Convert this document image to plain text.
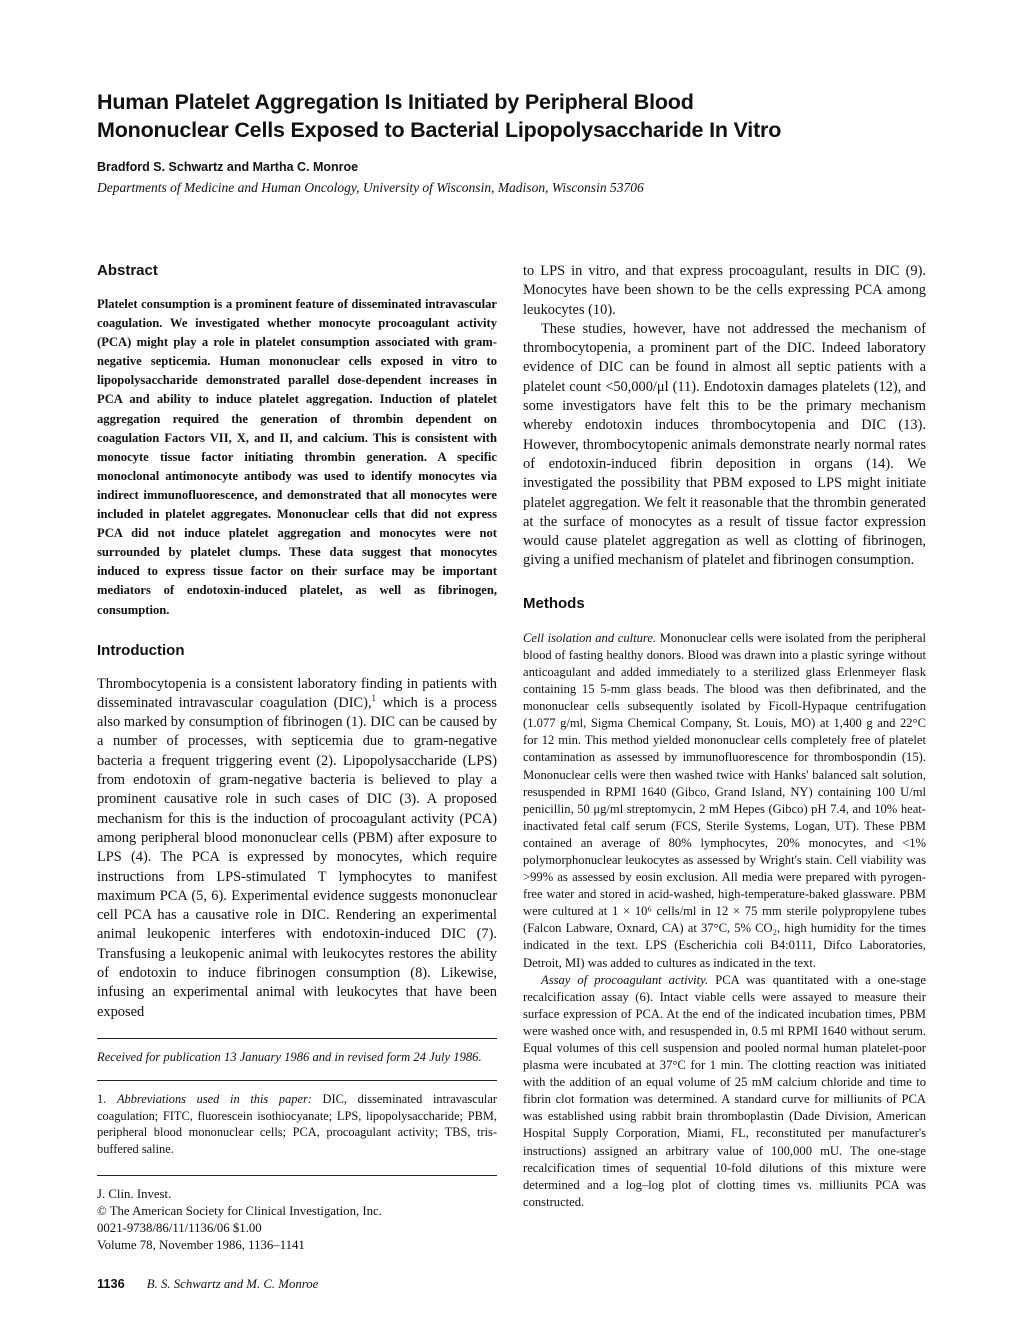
Human Platelet Aggregation Is Initiated by Peripheral Blood
Mononuclear Cells Exposed to Bacterial Lipopolysaccharide In Vitro
Bradford S. Schwartz and Martha C. Monroe
Departments of Medicine and Human Oncology, University of Wisconsin, Madison, Wisconsin 53706
Abstract

Platelet consumption is a prominent feature of disseminated intravascular coagulation. We investigated whether monocyte procoagulant activity (PCA) might play a role in platelet consumption associated with gram-negative septicemia. Human mononuclear cells exposed in vitro to lipopolysaccharide demonstrated parallel dose-dependent increases in PCA and ability to induce platelet aggregation. Induction of platelet aggregation required the generation of thrombin dependent on coagulation Factors VII, X, and II, and calcium. This is consistent with monocyte tissue factor initiating thrombin generation. A specific monoclonal antimonocyte antibody was used to identify monocytes via indirect immunofluorescence, and demonstrated that all monocytes were included in platelet aggregates. Mononuclear cells that did not express PCA did not induce platelet aggregation and monocytes were not surrounded by platelet clumps. These data suggest that monocytes induced to express tissue factor on their surface may be important mediators of endotoxin-induced platelet, as well as fibrinogen, consumption.

Introduction

Thrombocytopenia is a consistent laboratory finding in patients with disseminated intravascular coagulation (DIC),$^1$ which is a process also marked by consumption of fibrinogen (1). DIC can be caused by a number of processes, with septicemia due to gram-negative bacteria a frequent triggering event (2). Lipopolysaccharide (LPS) from endotoxin of gram-negative bacteria is believed to play a prominent causative role in such cases of DIC (3). A proposed mechanism for this is the induction of procoagulant activity (PCA) among peripheral blood mononuclear cells (PBM) after exposure to LPS (4). The PCA is expressed by monocytes, which require instructions from LPS-stimulated T lymphocytes to manifest maximum PCA (5, 6). Experimental evidence suggests mononuclear cell PCA has a causative role in DIC. Rendering an experimental animal leukopenic interferes with endotoxin-induced DIC (7). Transfusing a leukopenic animal with leukocytes restores the ability of endotoxin to induce fibrinogen consumption (8). Likewise, infusing an experimental animal with leukocytes that have been exposed

Received for publication 13 January 1986 and in revised form 24 July 1986.

1. Abbreviations used in this paper: DIC, disseminated intravascular coagulation; FITC, fluorescein isothiocyanate; LPS, lipopolysaccharide; PBM, peripheral blood mononuclear cells; PCA, procoagulant activity; TBS, tris-buffered saline.

J. Clin. Invest.
© The American Society for Clinical Investigation, Inc.
0021-9738/86/11/1136/06 $1.00
Volume 78, November 1986, 1136–1141

to LPS in vitro, and that express procoagulant, results in DIC (9). Monocytes have been shown to be the cells expressing PCA among leukocytes (10).

These studies, however, have not addressed the mechanism of thrombocytopenia, a prominent part of the DIC. Indeed laboratory evidence of DIC can be found in almost all septic patients with a platelet count <50,000/μl (11). Endotoxin damages platelets (12), and some investigators have felt this to be the primary mechanism whereby endotoxin induces thrombocytopenia and DIC (13). However, thrombocytopenic animals demonstrate nearly normal rates of endotoxin-induced fibrin deposition in organs (14). We investigated the possibility that PBM exposed to LPS might initiate platelet aggregation. We felt it reasonable that the thrombin generated at the surface of monocytes as a result of tissue factor expression would cause platelet aggregation as well as clotting of fibrinogen, giving a unified mechanism of platelet and fibrinogen consumption.

Methods

Cell isolation and culture. Mononuclear cells were isolated from the peripheral blood of fasting healthy donors. Blood was drawn into a plastic syringe without anticoagulant and added immediately to a sterilized glass Erlenmeyer flask containing 15 5-mm glass beads. The blood was then defibrinated, and the mononuclear cells subsequently isolated by Ficoll-Hypaque centrifugation (1.077 g/ml, Sigma Chemical Company, St. Louis, MO) at 1,400 g and 22°C for 12 min. This method yielded mononuclear cells completely free of platelet contamination as assessed by immunofluorescence for thrombospondin (15). Mononuclear cells were then washed twice with Hanks' balanced salt solution, resuspended in RPMI 1640 (Gibco, Grand Island, NY) containing 100 U/ml penicillin, 50 μg/ml streptomycin, 2 mM Hepes (Gibco) pH 7.4, and 10% heat-inactivated fetal calf serum (FCS, Sterile Systems, Logan, UT). These PBM contained an average of 80% lymphocytes, 20% monocytes, and <1% polymorphonuclear leukocytes as assessed by Wright's stain. Cell viability was >99% as assessed by eosin exclusion. All media were prepared with pyrogen-free water and stored in acid-washed, high-temperature-baked glassware. PBM were cultured at 1 × 10⁶ cells/ml in 12 × 75 mm sterile polypropylene tubes (Falcon Labware, Oxnard, CA) at 37°C, 5% CO₂, high humidity for the times indicated in the text. LPS (Escherichia coli B4:0111, Difco Laboratories, Detroit, MI) was added to cultures as indicated in the text.

Assay of procoagulant activity. PCA was quantitated with a one-stage recalcification assay (6). Intact viable cells were assayed to measure their surface expression of PCA. At the end of the indicated incubation times, PBM were washed once with, and resuspended in, 0.5 ml RPMI 1640 without serum. Equal volumes of this cell suspension and pooled normal human platelet-poor plasma were incubated at 37°C for 1 min. The clotting reaction was initiated with the addition of an equal volume of 25 mM calcium chloride and time to fibrin clot formation was determined. A standard curve for milliunits of PCA was established using rabbit brain thromboplastin (Dade Division, American Hospital Supply Corporation, Miami, FL, reconstituted per manufacturer's instructions) assigned an arbitrary value of 100,000 mU. The one-stage recalcification times of sequential 10-fold dilutions of this mixture were determined and a log–log plot of clotting times vs. milliunits PCA was constructed.

1136 B. S. Schwartz and M. C. Monroe
